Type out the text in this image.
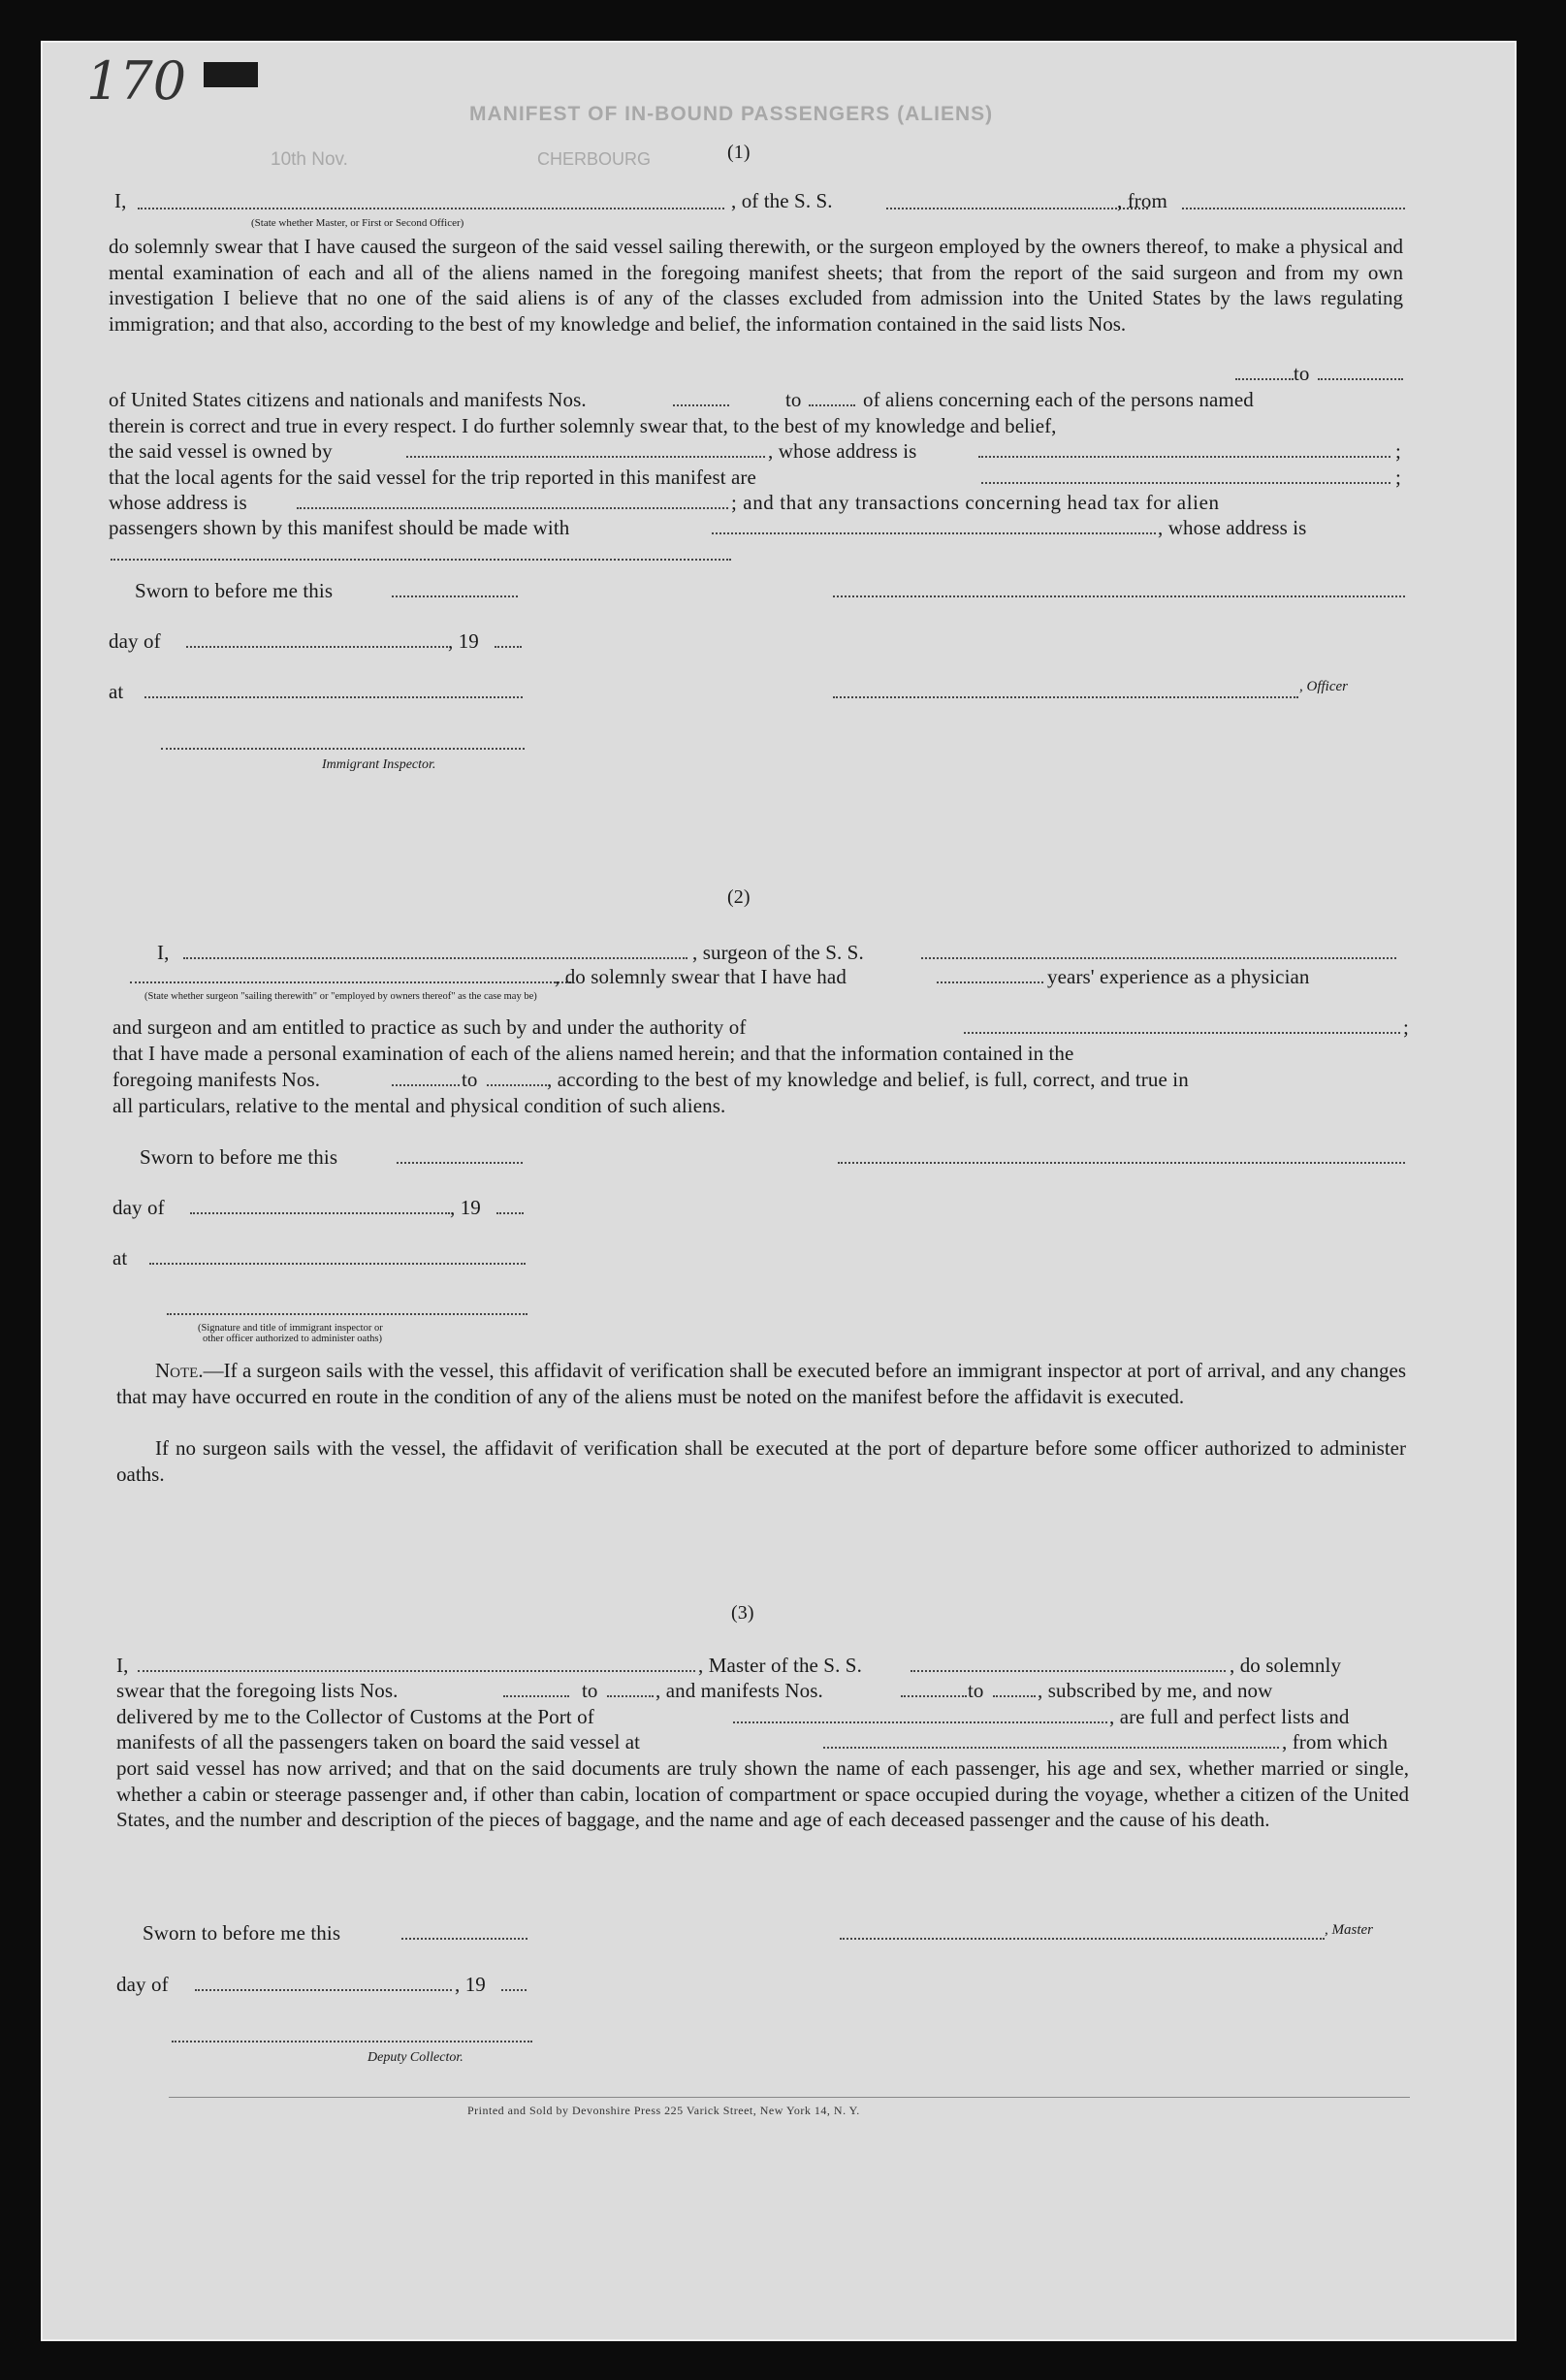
170
MANIFEST OF IN-BOUND PASSENGERS (ALIENS)
10th Nov.	CHERBOURG	(1)
I,	, of the S. S.	, from
(State whether Master, or First or Second Officer)
do solemnly swear that I have caused the surgeon of the said vessel sailing therewith, or the surgeon employed by the owners thereof, to make a physical and mental examination of each and all of the aliens named in the foregoing manifest sheets; that from the report of the said surgeon and from my own investigation I believe that no one of the said aliens is of any of the classes excluded from admission into the United States by the laws regulating immigration; and that also, according to the best of my knowledge and belief, the information contained in the said lists Nos.
to
of United States citizens and nationals and manifests Nos.	to	of aliens concerning each of the persons named
therein is correct and true in every respect. I do further solemnly swear that, to the best of my knowledge and belief,
the said vessel is owned by	, whose address is	;
that the local agents for the said vessel for the trip reported in this manifest are	;
whose address is	; and that any transactions concerning head tax for alien
passengers shown by this manifest should be made with	, whose address is
Sworn to before me this
day of	, 19
at	, Officer
Immigrant Inspector.
(2)
I,	, surgeon of the S. S.
, do solemnly swear that I have had	years' experience as a physician
(State whether surgeon "sailing therewith" or "employed by owners thereof" as the case may be)
and surgeon and am entitled to practice as such by and under the authority of	;
that I have made a personal examination of each of the aliens named herein; and that the information contained in the
foregoing manifests Nos.	to	, according to the best of my knowledge and belief, is full, correct, and true in
all particulars, relative to the mental and physical condition of such aliens.
Sworn to before me this
day of	, 19
at
(Signature and title of immigrant inspector or
other officer authorized to administer oaths)
Note.—If a surgeon sails with the vessel, this affidavit of verification shall be executed before an immigrant inspector at port of arrival, and any changes that may have occurred en route in the condition of any of the aliens must be noted on the manifest before the affidavit is executed.
If no surgeon sails with the vessel, the affidavit of verification shall be executed at the port of departure before some officer authorized to administer oaths.
(3)
I,	, Master of the S. S.	, do solemnly
swear that the foregoing lists Nos.	to	, and manifests Nos.	to	, subscribed by me, and now
delivered by me to the Collector of Customs at the Port of	, are full and perfect lists and
manifests of all the passengers taken on board the said vessel at	, from which
port said vessel has now arrived; and that on the said documents are truly shown the name of each passenger, his age and sex, whether married or single, whether a cabin or steerage passenger and, if other than cabin, location of compartment or space occupied during the voyage, whether a citizen of the United States, and the number and description of the pieces of baggage, and the name and age of each deceased passenger and the cause of his death.
Sworn to before me this	, Master
day of	, 19
Deputy Collector.
Printed and Sold by Devonshire Press 225 Varick Street, New York 14, N. Y.
